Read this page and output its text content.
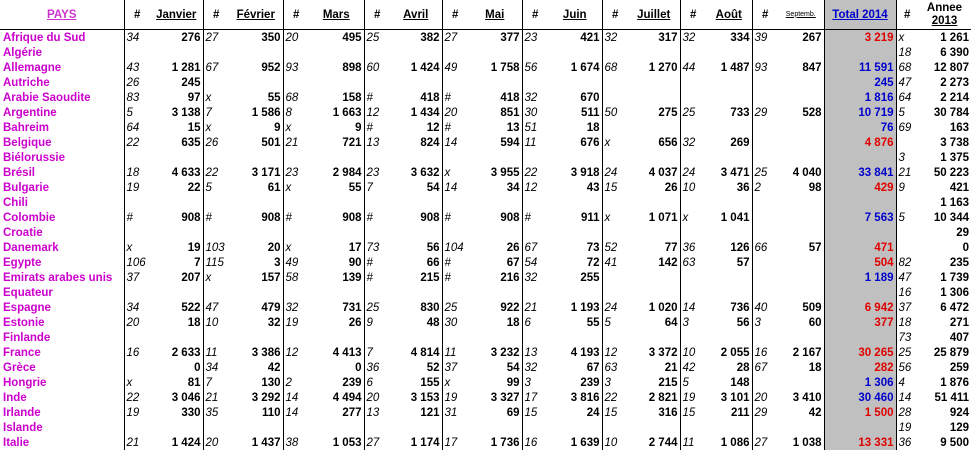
PAYS	#	Janvier	#	Février	#	Mars	#	Avril	#	Mai	#	Juin	#	Juillet	#	Août	#	Septemb.	Total 2014	#	Annee
2013

Afrique du Sud	34	276	27	350	20	495	25	382	27	377	23	421	32	317	32	334	39	267	3 219	x	1 261
Algérie																				18	6 390
Allemagne	43	1 281	67	952	93	898	60	1 424	49	1 758	56	1 674	68	1 270	44	1 487	93	847	11 591	68	12 807
Autriche	26	245																	245	47	2 273
Arabie Saoudite	83	97	x	55	68	158	#	418	#	418	32	670							1 816	64	2 214
Argentine	5	3 138	7	1 586	8	1 663	12	1 434	20	851	30	511	50	275	25	733	29	528	10 719	5	30 784
Bahreim	64	15	x	9	x	9	#	12	#	13	51	18							76	69	163
Belgique	22	635	26	501	21	721	13	824	14	594	11	676	x	656	32	269			4 876		3 738
Biélorussie																				3	1 375
Brésil	18	4 633	22	3 171	23	2 984	23	3 632	x	3 955	22	3 918	24	4 037	24	3 471	25	4 040	33 841	21	50 223
Bulgarie	19	22	5	61	x	55	7	54	14	34	12	43	15	26	10	36	2	98	429	9	421
Chili																					1 163
Colombie	#	908	#	908	#	908	#	908	#	908	#	911	x	1 071	x	1 041			7 563	5	10 344
Croatie																					29
Danemark	x	19	103	20	x	17	73	56	104	26	67	73	52	77	36	126	66	57	471		0
Egypte	106	7	115	3	49	90	#	66	#	67	54	72	41	142	63	57			504	82	235
Emirats arabes unis	37	207	x	157	58	139	#	215	#	216	32	255							1 189	47	1 739
Equateur																				16	1 306
Espagne	34	522	47	479	32	731	25	830	25	922	21	1 193	24	1 020	14	736	40	509	6 942	37	6 472
Estonie	20	18	10	32	19	26	9	48	30	18	6	55	5	64	3	56	3	60	377	18	271
Finlande																				73	407
France	16	2 633	11	3 386	12	4 413	7	4 814	11	3 232	13	4 193	12	3 372	10	2 055	16	2 167	30 265	25	25 879
Grèce		0	34	42		0	36	52	37	54	32	67	63	21	42	28	67	18	282	56	259
Hongrie	x	81	7	130	2	239	6	155	x	99	3	239	3	215	5	148			1 306	4	1 876
Inde	22	3 046	21	3 292	14	4 494	20	3 153	19	3 327	17	3 816	22	2 821	19	3 101	20	3 410	30 460	14	51 411
Irlande	19	330	35	110	14	277	13	121	31	69	15	24	15	316	15	211	29	42	1 500	28	924
Islande																				19	129
Italie	21	1 424	20	1 437	38	1 053	27	1 174	17	1 736	16	1 639	10	2 744	11	1 086	27	1 038	13 331	36	9 500
